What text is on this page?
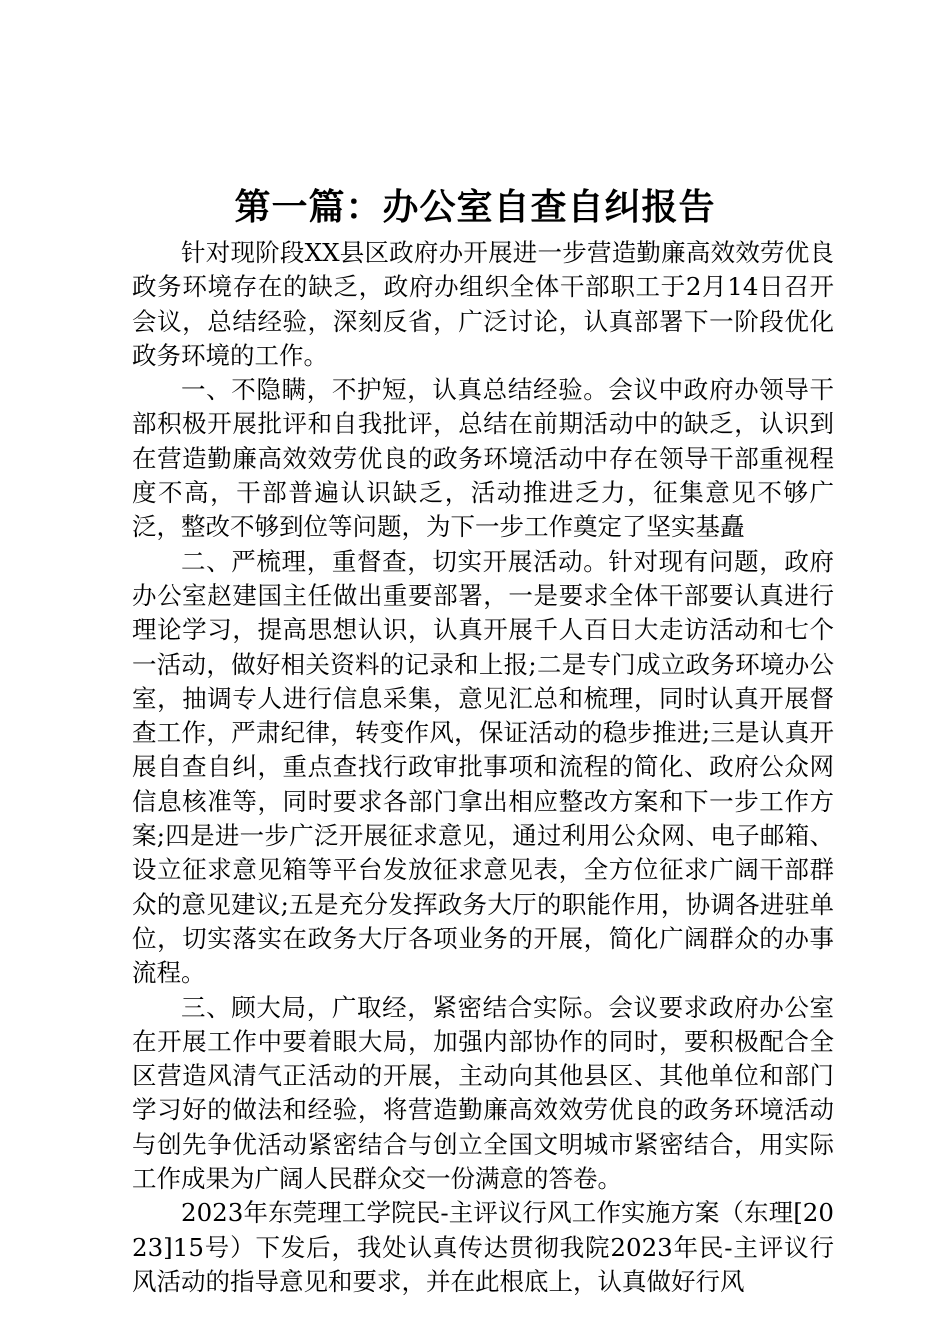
第一篇：办公室自查自纠报告

针对现阶段XX县区政府办开展进一步营造勤廉高效效劳优良政务环境存在的缺乏，政府办组织全体干部职工于2月14日召开会议，总结经验，深刻反省，广泛讨论，认真部署下一阶段优化政务环境的工作。

一、不隐瞒，不护短，认真总结经验。会议中政府办领导干部积极开展批评和自我批评，总结在前期活动中的缺乏，认识到在营造勤廉高效效劳优良的政务环境活动中存在领导干部重视程度不高，干部普遍认识缺乏，活动推进乏力，征集意见不够广泛，整改不够到位等问题，为下一步工作奠定了坚实基矗

二、严梳理，重督查，切实开展活动。针对现有问题，政府办公室赵建国主任做出重要部署，一是要求全体干部要认真进行理论学习，提高思想认识，认真开展千人百日大走访活动和七个一活动，做好相关资料的记录和上报;二是专门成立政务环境办公室，抽调专人进行信息采集，意见汇总和梳理，同时认真开展督查工作，严肃纪律，转变作风，保证活动的稳步推进;三是认真开展自查自纠，重点查找行政审批事项和流程的简化、政府公众网信息核准等，同时要求各部门拿出相应整改方案和下一步工作方案;四是进一步广泛开展征求意见，通过利用公众网、电子邮箱、设立征求意见箱等平台发放征求意见表，全方位征求广阔干部群众的意见建议;五是充分发挥政务大厅的职能作用，协调各进驻单位，切实落实在政务大厅各项业务的开展，简化广阔群众的办事流程。

三、顾大局，广取经，紧密结合实际。会议要求政府办公室在开展工作中要着眼大局，加强内部协作的同时，要积极配合全区营造风清气正活动的开展，主动向其他县区、其他单位和部门学习好的做法和经验，将营造勤廉高效效劳优良的政务环境活动与创先争优活动紧密结合与创立全国文明城市紧密结合，用实际工作成果为广阔人民群众交一份满意的答卷。

2023年东莞理工学院民-主评议行风工作实施方案（东理[2023]15号）下发后，我处认真传达贯彻我院2023年民-主评议行风活动的指导意见和要求，并在此根底上，认真做好行风
